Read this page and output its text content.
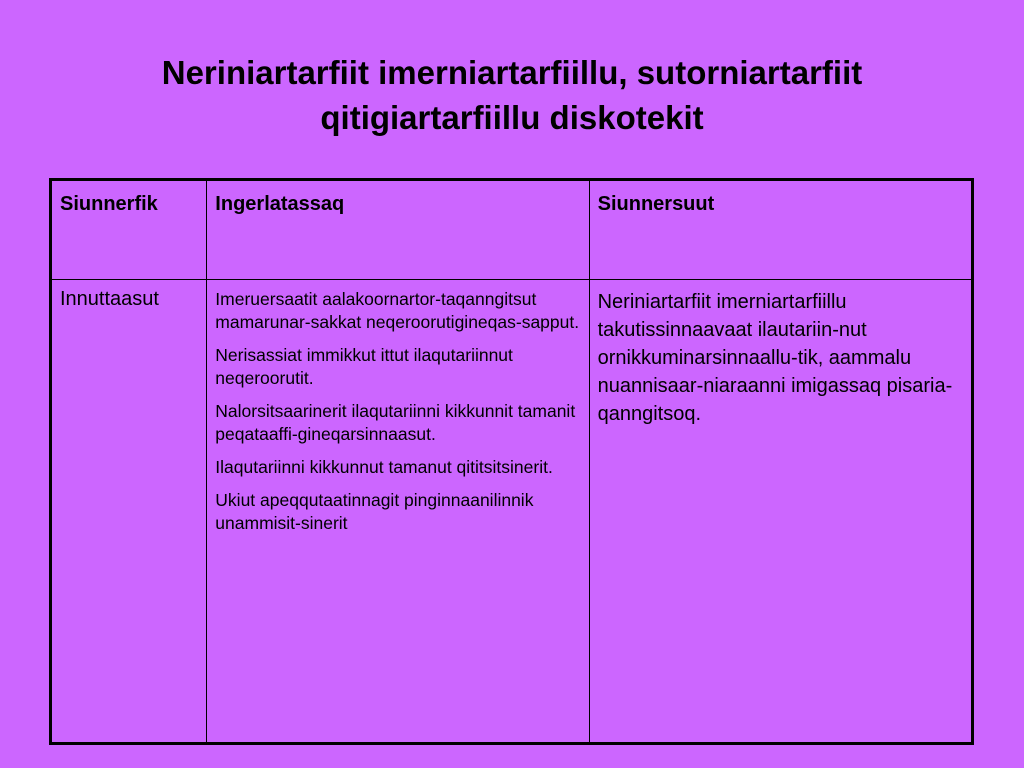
Neriniartarfiit imerniartarfiillu, sutorniartarfiit
qitigiartarfiillu diskotekit
Siunnerfik	Ingerlatassaq	Siunnersuut
Innuttaasut	Imeruersaatit aalakoornartor-taqanngitsut mamarunar-sakkat neqeroorutigineqas-sapput.

Nerisassiat immikkut ittut ilaqutariinnut neqeroorutit.

Nalorsitsaarinerit ilaqutariinni kikkunnit tamanit peqataaffi-gineqarsinnaasut.

Ilaqutariinni kikkunnut tamanut qititsitsinerit.

Ukiut apeqqutaatinnagit pinginnaanilinnik unammisit-sinerit	Neriniartarfiit imerniartarfiillu takutissinnaavaat ilautariin-nut ornikkuminarsinnaallu-tik, aammalu nuannisaar-niaraanni imigassaq pisaria-qanngitsoq.
